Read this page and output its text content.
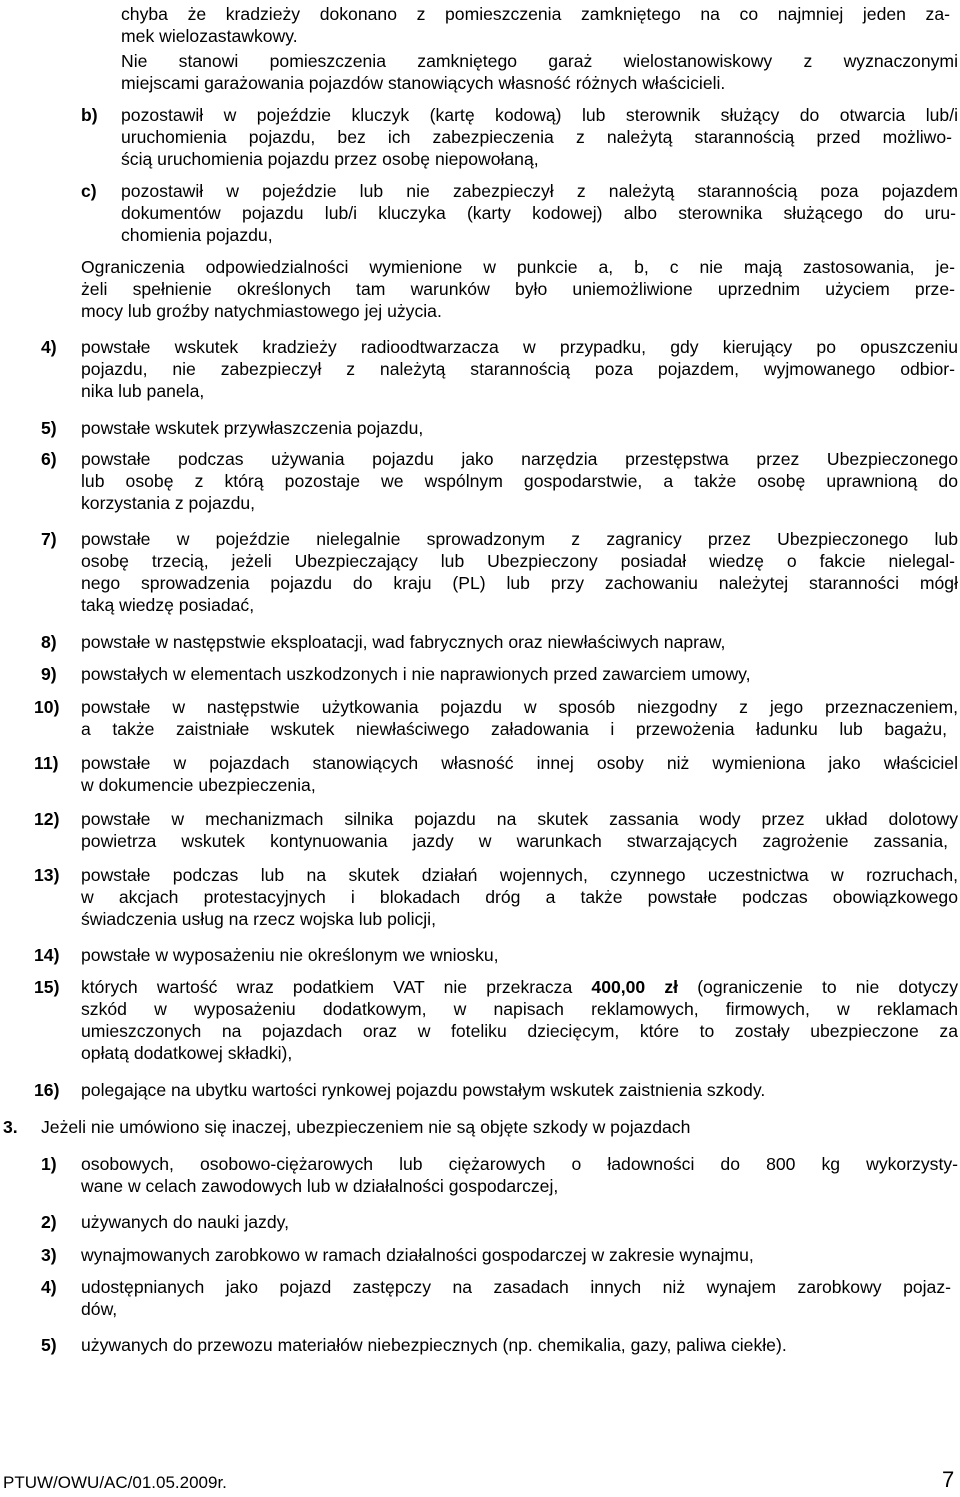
chyba że kradzieży dokonano z pomieszczenia zamkniętego na co najmniej jeden za-
mek wielozastawkowy.
Nie stanowi pomieszczenia zamkniętego garaż wielostanowiskowy z wyznaczonymi
miejscami garażowania pojazdów stanowiących własność różnych właścicieli.
b) pozostawił w pojeździe kluczyk (kartę kodową) lub sterownik służący do otwarcia lub/i
uruchomienia pojazdu, bez ich zabezpieczenia z należytą starannością przed możliwo-
ścią uruchomienia pojazdu przez osobę niepowołaną,
c) pozostawił w pojeździe lub nie zabezpieczył z należytą starannością poza pojazdem
dokumentów pojazdu lub/i kluczyka (karty kodowej) albo sterownika służącego do uru-
chomienia pojazdu,
Ograniczenia odpowiedzialności wymienione w punkcie a, b, c nie mają zastosowania, je-
żeli spełnienie określonych tam warunków było uniemożliwione uprzednim użyciem prze-
mocy lub groźby natychmiastowego jej użycia.
4) powstałe wskutek kradzieży radioodtwarzacza w przypadku, gdy kierujący po opuszczeniu
pojazdu, nie zabezpieczył z należytą starannością poza pojazdem, wyjmowanego odbior-
nika lub panela,
5) powstałe wskutek przywłaszczenia pojazdu,
6) powstałe podczas używania pojazdu jako narzędzia przestępstwa przez Ubezpieczonego
lub osobę z którą pozostaje we wspólnym gospodarstwie, a także osobę uprawnioną do
korzystania z pojazdu,
7) powstałe w pojeździe nielegalnie sprowadzonym z zagranicy przez Ubezpieczonego lub
osobę trzecią, jeżeli Ubezpieczający lub Ubezpieczony posiadał wiedzę o fakcie nielegal-
nego sprowadzenia pojazdu do kraju (PL) lub przy zachowaniu należytej staranności mógł
taką wiedzę posiadać,
8) powstałe w następstwie eksploatacji, wad fabrycznych oraz niewłaściwych napraw,
9) powstałych w elementach uszkodzonych i nie naprawionych przed zawarciem umowy,
10) powstałe w następstwie użytkowania pojazdu w sposób niezgodny z jego przeznaczeniem,
a także zaistniałe wskutek niewłaściwego załadowania i przewożenia ładunku lub bagażu,
11) powstałe w pojazdach stanowiących własność innej osoby niż wymieniona jako właściciel
w dokumencie ubezpieczenia,
12) powstałe w mechanizmach silnika pojazdu na skutek zassania wody przez układ dolotowy
powietrza wskutek kontynuowania jazdy w warunkach stwarzających zagrożenie zassania,
13) powstałe podczas lub na skutek działań wojennych, czynnego uczestnictwa w rozruchach,
w akcjach protestacyjnych i blokadach dróg a także powstałe podczas obowiązkowego
świadczenia usług na rzecz wojska lub policji,
14) powstałe w wyposażeniu nie określonym we wniosku,
15) których wartość wraz podatkiem VAT nie przekracza 400,00 zł (ograniczenie to nie dotyczy
szkód w wyposażeniu dodatkowym, w napisach reklamowych, firmowych, w reklamach
umieszczonych na pojazdach oraz w foteliku dziecięcym, które to zostały ubezpieczone za
opłatą dodatkowej składki),
16) polegające na ubytku wartości rynkowej pojazdu powstałym wskutek zaistnienia szkody.
3. Jeżeli nie umówiono się inaczej, ubezpieczeniem nie są objęte szkody w pojazdach
1) osobowych, osobowo-ciężarowych lub ciężarowych o ładowności do 800 kg wykorzysty-
wane w celach zawodowych lub w działalności gospodarczej,
2) używanych do nauki jazdy,
3) wynajmowanych zarobkowo w ramach działalności gospodarczej w zakresie wynajmu,
4) udostępnianych jako pojazd zastępczy na zasadach innych niż wynajem zarobkowy pojaz-
dów,
5) używanych do przewozu materiałów niebezpiecznych (np. chemikalia, gazy, paliwa ciekłe).
PTUW/OWU/AC/01.05.2009r.	7
